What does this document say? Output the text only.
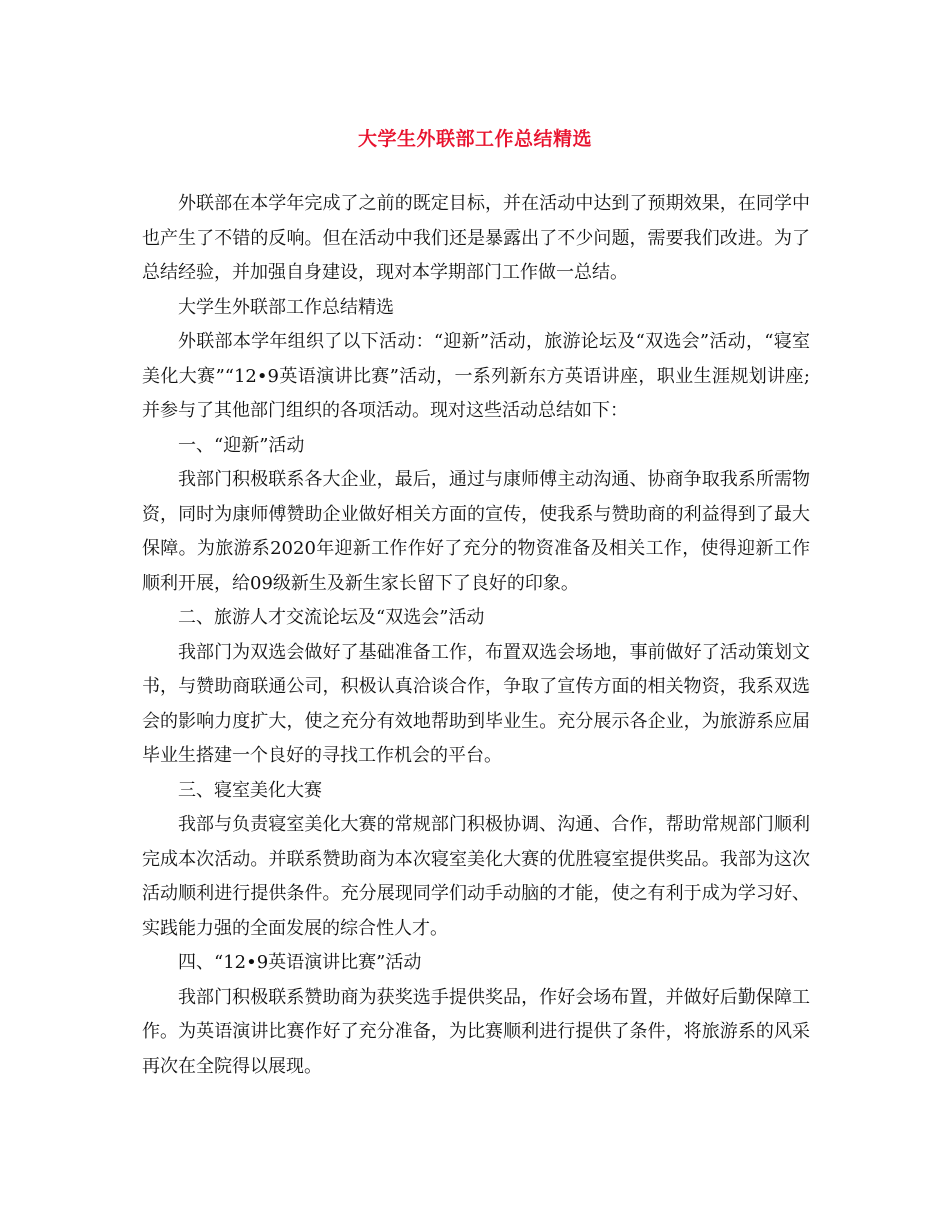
大学生外联部工作总结精选

外联部在本学年完成了之前的既定目标，并在活动中达到了预期效果，在同学中也产生了不错的反响。但在活动中我们还是暴露出了不少问题，需要我们改进。为了总结经验，并加强自身建设，现对本学期部门工作做一总结。

大学生外联部工作总结精选

外联部本学年组织了以下活动：“迎新”活动，旅游论坛及“双选会”活动，“寝室美化大赛”“12•9英语演讲比赛”活动，一系列新东方英语讲座，职业生涯规划讲座;并参与了其他部门组织的各项活动。现对这些活动总结如下：

一、“迎新”活动

我部门积极联系各大企业，最后，通过与康师傅主动沟通、协商争取我系所需物资，同时为康师傅赞助企业做好相关方面的宣传，使我系与赞助商的利益得到了最大保障。为旅游系2020年迎新工作作好了充分的物资准备及相关工作，使得迎新工作顺利开展，给09级新生及新生家长留下了良好的印象。

二、旅游人才交流论坛及“双选会”活动

我部门为双选会做好了基础准备工作，布置双选会场地，事前做好了活动策划文书，与赞助商联通公司，积极认真洽谈合作，争取了宣传方面的相关物资，我系双选会的影响力度扩大，使之充分有效地帮助到毕业生。充分展示各企业，为旅游系应届毕业生搭建一个良好的寻找工作机会的平台。

三、寝室美化大赛

我部与负责寝室美化大赛的常规部门积极协调、沟通、合作，帮助常规部门顺利完成本次活动。并联系赞助商为本次寝室美化大赛的优胜寝室提供奖品。我部为这次活动顺利进行提供条件。充分展现同学们动手动脑的才能，使之有利于成为学习好、实践能力强的全面发展的综合性人才。

四、“12•9英语演讲比赛”活动

我部门积极联系赞助商为获奖选手提供奖品，作好会场布置，并做好后勤保障工作。为英语演讲比赛作好了充分准备，为比赛顺利进行提供了条件，将旅游系的风采再次在全院得以展现。
